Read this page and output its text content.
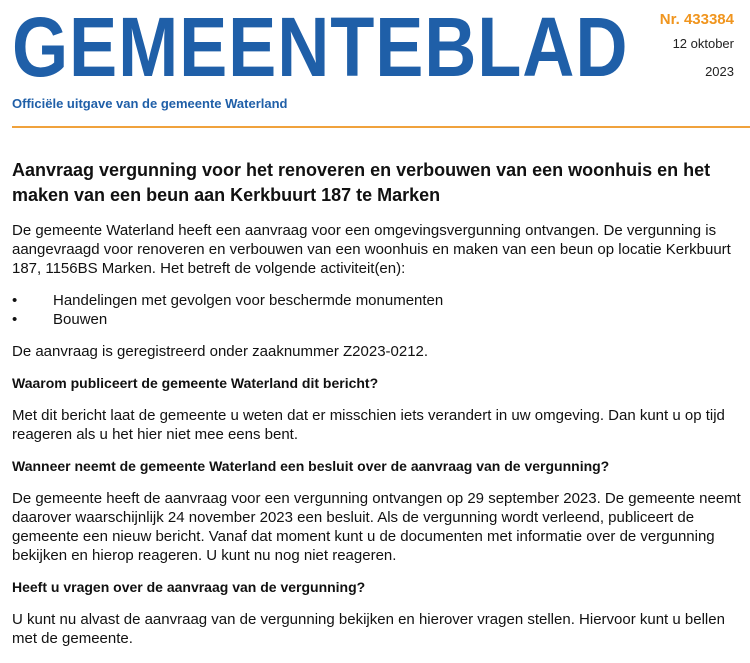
GEMEENTEBLAD
Officiële uitgave van de gemeente Waterland
Nr. 433384
12 oktober
2023
Aanvraag vergunning voor het renoveren en verbouwen van een woonhuis en het maken van een beun aan Kerkbuurt 187 te Marken

De gemeente Waterland heeft een aanvraag voor een omgevingsvergunning ontvangen. De vergunning is aangevraagd voor renoveren en verbouwen van een woonhuis en maken van een beun op locatie Kerkbuurt 187, 1156BS Marken. Het betreft de volgende activiteit(en):

• Handelingen met gevolgen voor beschermde monumenten
• Bouwen

De aanvraag is geregistreerd onder zaaknummer Z2023-0212.

Waarom publiceert de gemeente Waterland dit bericht?

Met dit bericht laat de gemeente u weten dat er misschien iets verandert in uw omgeving. Dan kunt u op tijd reageren als u het hier niet mee eens bent.

Wanneer neemt de gemeente Waterland een besluit over de aanvraag van de vergunning?

De gemeente heeft de aanvraag voor een vergunning ontvangen op 29 september 2023. De gemeente neemt daarover waarschijnlijk 24 november 2023 een besluit. Als de vergunning wordt verleend, publiceert de gemeente een nieuw bericht. Vanaf dat moment kunt u de documenten met informatie over de vergunning bekijken en hierop reageren. U kunt nu nog niet reageren.

Heeft u vragen over de aanvraag van de vergunning?

U kunt nu alvast de aanvraag van de vergunning bekijken en hierover vragen stellen. Hiervoor kunt u bellen met de gemeente.
